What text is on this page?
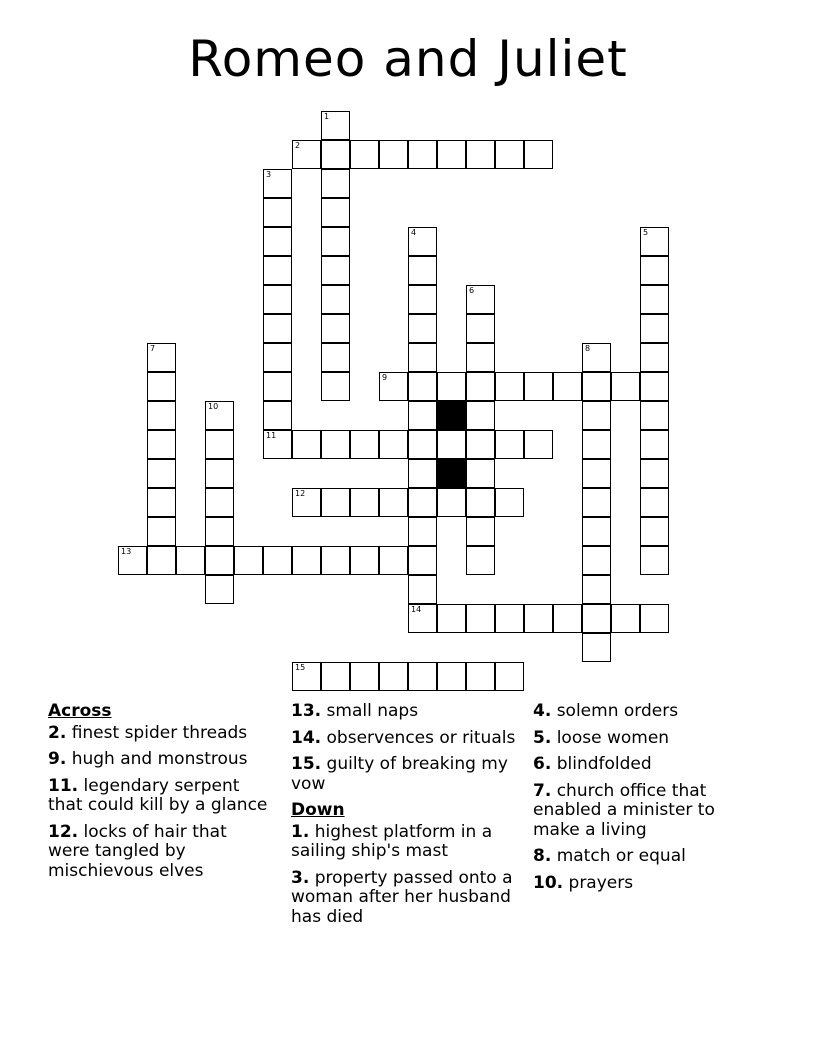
Romeo and Juliet
1
2
3
4	5
6
7	8
9
10
11
12
13
14
15
Across
2. finest spider threads
9. hugh and monstrous
11. legendary serpent that could kill by a glance
12. locks of hair that were tangled by mischievous elves
13. small naps
14. observences or rituals
15. guilty of breaking my vow
Down
1. highest platform in a sailing ship's mast
3. property passed onto a woman after her husband has died
4. solemn orders
5. loose women
6. blindfolded
7. church office that enabled a minister to make a living
8. match or equal
10. prayers
